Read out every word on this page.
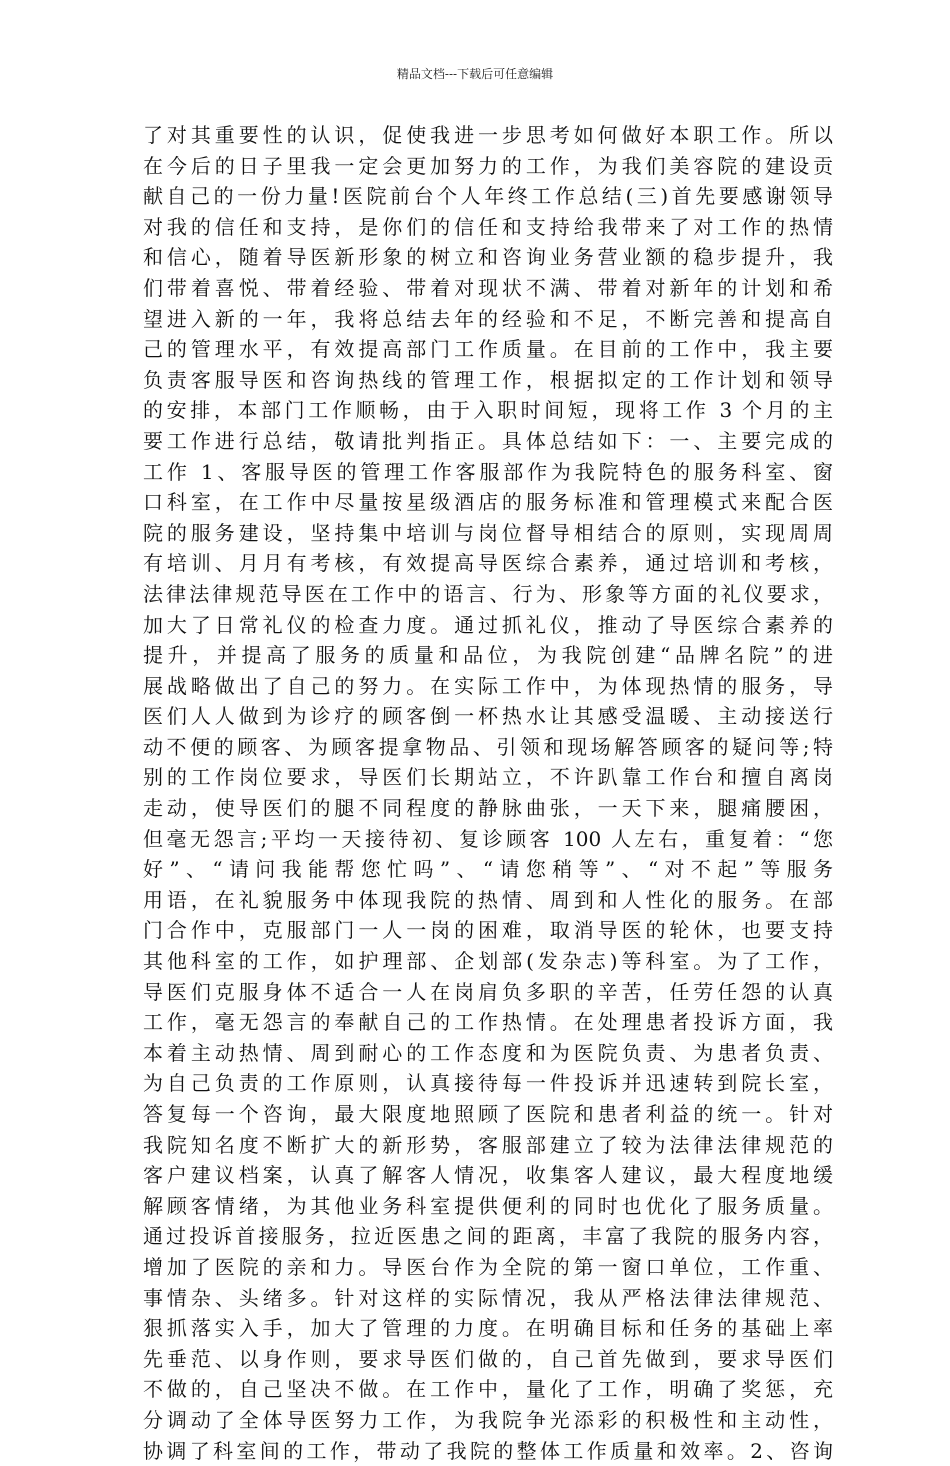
精品文档---下载后可任意编辑
了对其重要性的认识，促使我进一步思考如何做好本职工作。所以
在今后的日子里我一定会更加努力的工作，为我们美容院的建设贡
献自己的一份力量!医院前台个人年终工作总结(三)首先要感谢领导
对我的信任和支持，是你们的信任和支持给我带来了对工作的热情
和信心，随着导医新形象的树立和咨询业务营业额的稳步提升，我
们带着喜悦、带着经验、带着对现状不满、带着对新年的计划和希
望进入新的一年，我将总结去年的经验和不足，不断完善和提高自
己的管理水平，有效提高部门工作质量。在目前的工作中，我主要
负责客服导医和咨询热线的管理工作，根据拟定的工作计划和领导
的安排，本部门工作顺畅，由于入职时间短，现将工作 3 个月的主
要工作进行总结，敬请批判指正。具体总结如下：一、主要完成的
工作 1、客服导医的管理工作客服部作为我院特色的服务科室、窗
口科室，在工作中尽量按星级酒店的服务标准和管理模式来配合医
院的服务建设，坚持集中培训与岗位督导相结合的原则，实现周周
有培训、月月有考核，有效提高导医综合素养，通过培训和考核，
法律法律规范导医在工作中的语言、行为、形象等方面的礼仪要求，
加大了日常礼仪的检查力度。通过抓礼仪，推动了导医综合素养的
提升，并提高了服务的质量和品位，为我院创建“品牌名院”的进
展战略做出了自己的努力。在实际工作中，为体现热情的服务，导
医们人人做到为诊疗的顾客倒一杯热水让其感受温暖、主动接送行
动不便的顾客、为顾客提拿物品、引领和现场解答顾客的疑问等;特
别的工作岗位要求，导医们长期站立，不许趴靠工作台和擅自离岗
走动，使导医们的腿不同程度的静脉曲张，一天下来，腿痛腰困，
但毫无怨言;平均一天接待初、复诊顾客 100 人左右，重复着：“您
好”、“请问我能帮您忙吗”、“请您稍等”、“对不起”等服务
用语，在礼貌服务中体现我院的热情、周到和人性化的服务。在部
门合作中，克服部门一人一岗的困难，取消导医的轮休，也要支持
其他科室的工作，如护理部、企划部(发杂志)等科室。为了工作，
导医们克服身体不适合一人在岗肩负多职的辛苦，任劳任怨的认真
工作，毫无怨言的奉献自己的工作热情。在处理患者投诉方面，我
本着主动热情、周到耐心的工作态度和为医院负责、为患者负责、
为自己负责的工作原则，认真接待每一件投诉并迅速转到院长室，
答复每一个咨询，最大限度地照顾了医院和患者利益的统一。针对
我院知名度不断扩大的新形势，客服部建立了较为法律法律规范的
客户建议档案，认真了解客人情况，收集客人建议，最大程度地缓
解顾客情绪，为其他业务科室提供便利的同时也优化了服务质量。
通过投诉首接服务，拉近医患之间的距离，丰富了我院的服务内容，
增加了医院的亲和力。导医台作为全院的第一窗口单位，工作重、
事情杂、头绪多。针对这样的实际情况，我从严格法律法律规范、
狠抓落实入手，加大了管理的力度。在明确目标和任务的基础上率
先垂范、以身作则，要求导医们做的，自己首先做到，要求导医们
不做的，自己坚决不做。在工作中，量化了工作，明确了奖惩，充
分调动了全体导医努力工作，为我院争光添彩的积极性和主动性，
协调了科室间的工作，带动了我院的整体工作质量和效率。2、咨询
